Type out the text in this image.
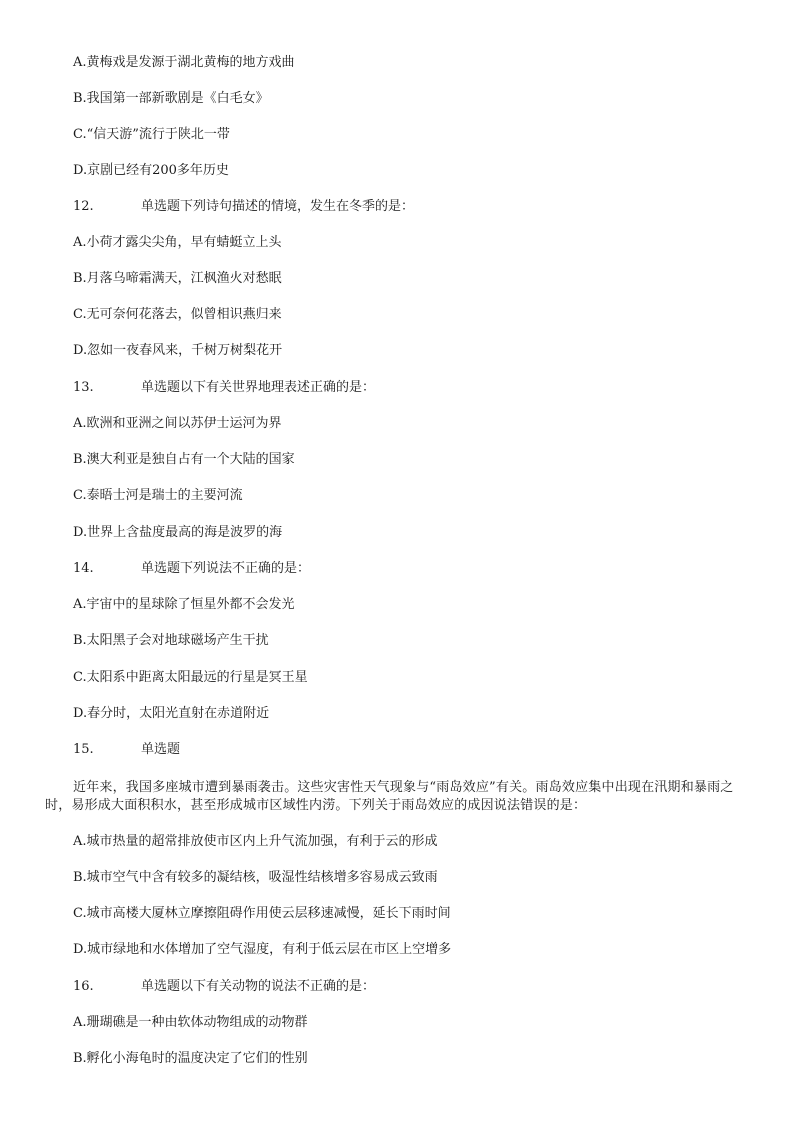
A.黄梅戏是发源于湖北黄梅的地方戏曲
B.我国第一部新歌剧是《白毛女》
C.“信天游”流行于陕北一带
D.京剧已经有200多年历史
12.	单选题下列诗句描述的情境，发生在冬季的是：
A.小荷才露尖尖角，早有蜻蜓立上头
B.月落乌啼霜满天，江枫渔火对愁眠
C.无可奈何花落去，似曾相识燕归来
D.忽如一夜春风来，千树万树梨花开
13.	单选题以下有关世界地理表述正确的是：
A.欧洲和亚洲之间以苏伊士运河为界
B.澳大利亚是独自占有一个大陆的国家
C.泰晤士河是瑞士的主要河流
D.世界上含盐度最高的海是波罗的海
14.	单选题下列说法不正确的是：
A.宇宙中的星球除了恒星外都不会发光
B.太阳黑子会对地球磁场产生干扰
C.太阳系中距离太阳最远的行星是冥王星
D.春分时，太阳光直射在赤道附近
15.	单选题
近年来，我国多座城市遭到暴雨袭击。这些灾害性天气现象与“雨岛效应”有关。雨岛效应集中出现在汛期和暴雨之时，易形成大面积积水，甚至形成城市区域性内涝。下列关于雨岛效应的成因说法错误的是：
A.城市热量的超常排放使市区内上升气流加强，有利于云的形成
B.城市空气中含有较多的凝结核，吸湿性结核增多容易成云致雨
C.城市高楼大厦林立摩擦阻碍作用使云层移速减慢，延长下雨时间
D.城市绿地和水体增加了空气湿度，有利于低云层在市区上空增多
16.	单选题以下有关动物的说法不正确的是：
A.珊瑚礁是一种由软体动物组成的动物群
B.孵化小海龟时的温度决定了它们的性别
